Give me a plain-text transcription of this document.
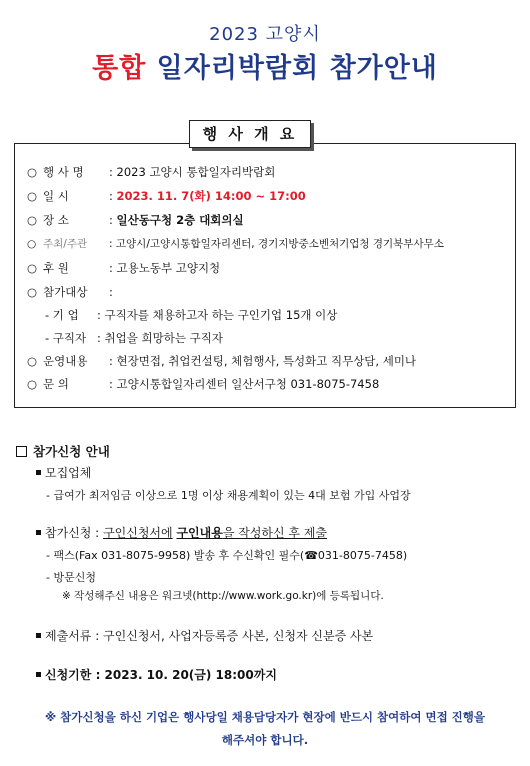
2023 고양시
통합 일자리박람회 참가안내
행 사 개 요
○ 행 사 명 : 2023 고양시 통합일자리박람회
○ 일 시	: 2023. 11. 7(화) 14:00 ~ 17:00
○ 장 소	: 일산동구청 2층 대회의실
○ 주최/주관 : 고양시/고양시통합일자리센터, 경기지방중소벤처기업청 경기북부사무소
○ 후 원	: 고용노동부 고양지청
○ 참가대상 :
- 기 업 : 구직자를 채용하고자 하는 구인기업 15개 이상
- 구직자 : 취업을 희망하는 구직자
○ 운영내용 : 현장면접, 취업컨설팅, 체험행사, 특성화고 직무상담, 세미나
○ 문 의	: 고양시통합일자리센터 일산서구청 031-8075-7458
참가신청 안내
모집업체
- 급여가 최저임금 이상으로 1명 이상 채용계획이 있는 4대 보험 가입 사업장
참가신청 : 구인신청서에 구인내용을 작성하신 후 제출
- 팩스(Fax 031-8075-9958) 발송 후 수신확인 필수(☎031-8075-7458)
- 방문신청
※ 작성해주신 내용은 워크넷(http://www.work.go.kr)에 등록됩니다.
제출서류 : 구인신청서, 사업자등록증 사본, 신청자 신분증 사본
신청기한 : 2023. 10. 20(금) 18:00까지
※ 참가신청을 하신 기업은 행사당일 채용담당자가 현장에 반드시 참여하여 면접 진행을
해주셔야 합니다.
